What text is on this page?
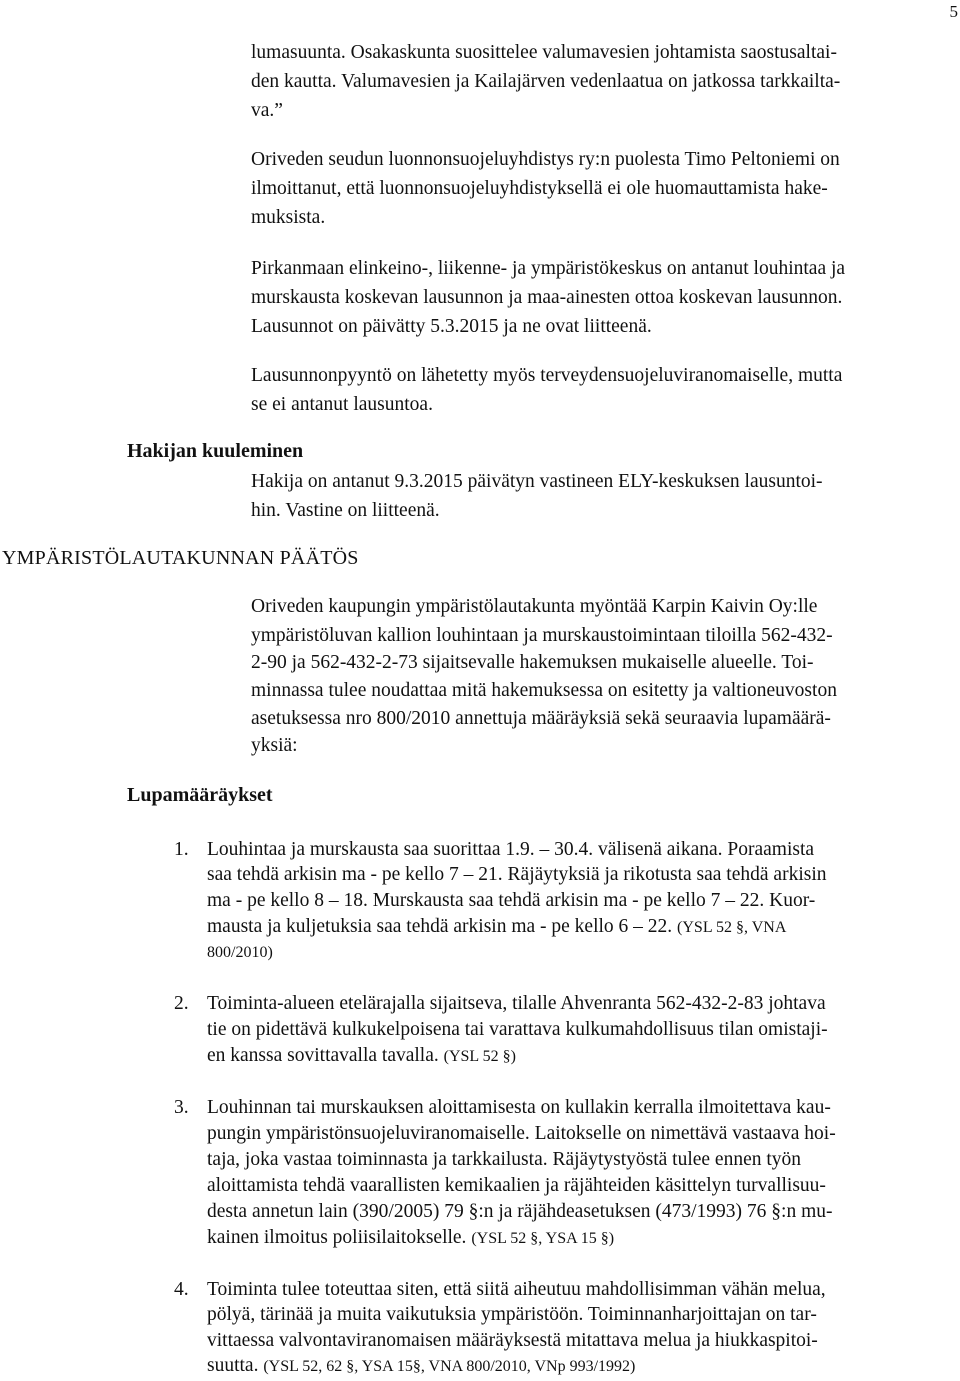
5
lumasuunta. Osakaskunta suosittelee valumavesien johtamista saostusaltai-
den kautta. Valumavesien ja Kailajärven vedenlaatua on jatkossa tarkkailta-
va.”
Oriveden seudun luonnonsuojeluyhdistys ry:n puolesta Timo Peltoniemi on
ilmoittanut, että luonnonsuojeluyhdistyksellä ei ole huomauttamista hake-
muksista.
Pirkanmaan elinkeino-, liikenne- ja ympäristökeskus on antanut louhintaa ja
murskausta koskevan lausunnon ja maa-ainesten ottoa koskevan lausunnon.
Lausunnot on päivätty 5.3.2015 ja ne ovat liitteenä.
Lausunnonpyyntö on lähetetty myös terveydensuojeluviranomaiselle, mutta
se ei antanut lausuntoa.
Hakijan kuuleminen
Hakija on antanut 9.3.2015 päivätyn vastineen ELY-keskuksen lausuntoi-
hin. Vastine on liitteenä.
YMPÄRISTÖLAUTAKUNNAN PÄÄTÖS
Oriveden kaupungin ympäristölautakunta myöntää Karpin Kaivin Oy:lle
ympäristöluvan kallion louhintaan ja murskaustoimintaan tiloilla 562-432-
2-90 ja 562-432-2-73 sijaitsevalle hakemuksen mukaiselle alueelle. Toi-
minnassa tulee noudattaa mitä hakemuksessa on esitetty ja valtioneuvoston
asetuksessa nro 800/2010 annettuja määräyksiä sekä seuraavia lupamäärä-
yksiä:
Lupamääräykset
1. Louhintaa ja murskausta saa suorittaa 1.9. – 30.4. välisenä aikana. Poraamista
saa tehdä arkisin ma - pe kello 7 – 21. Räjäytyksiä ja rikotusta saa tehdä arkisin
ma - pe kello 8 – 18. Murskausta saa tehdä arkisin ma - pe kello 7 – 22. Kuor-
mausta ja kuljetuksia saa tehdä arkisin ma - pe kello 6 – 22. (YSL 52 §, VNA
800/2010)
2. Toiminta-alueen etelärajalla sijaitseva, tilalle Ahvenranta 562-432-2-83 johtava
tie on pidettävä kulkukelpoisena tai varattava kulkumahdollisuus tilan omistaji-
en kanssa sovittavalla tavalla. (YSL 52 §)
3. Louhinnan tai murskauksen aloittamisesta on kullakin kerralla ilmoitettava kau-
pungin ympäristönsuojeluviranomaiselle. Laitokselle on nimettävä vastaava hoi-
taja, joka vastaa toiminnasta ja tarkkailusta. Räjäytystyöstä tulee ennen työn
aloittamista tehdä vaarallisten kemikaalien ja räjähteiden käsittelyn turvallisuu-
desta annetun lain (390/2005) 79 §:n ja räjähdeasetuksen (473/1993) 76 §:n mu-
kainen ilmoitus poliisilaitokselle. (YSL 52 §, YSA 15 §)
4. Toiminta tulee toteuttaa siten, että siitä aiheutuu mahdollisimman vähän melua,
pölyä, tärinää ja muita vaikutuksia ympäristöön. Toiminnanharjoittajan on tar-
vittaessa valvontaviranomaisen määräyksestä mitattava melua ja hiukkaspitoi-
suutta. (YSL 52, 62 §, YSA 15§, VNA 800/2010, VNp 993/1992)
